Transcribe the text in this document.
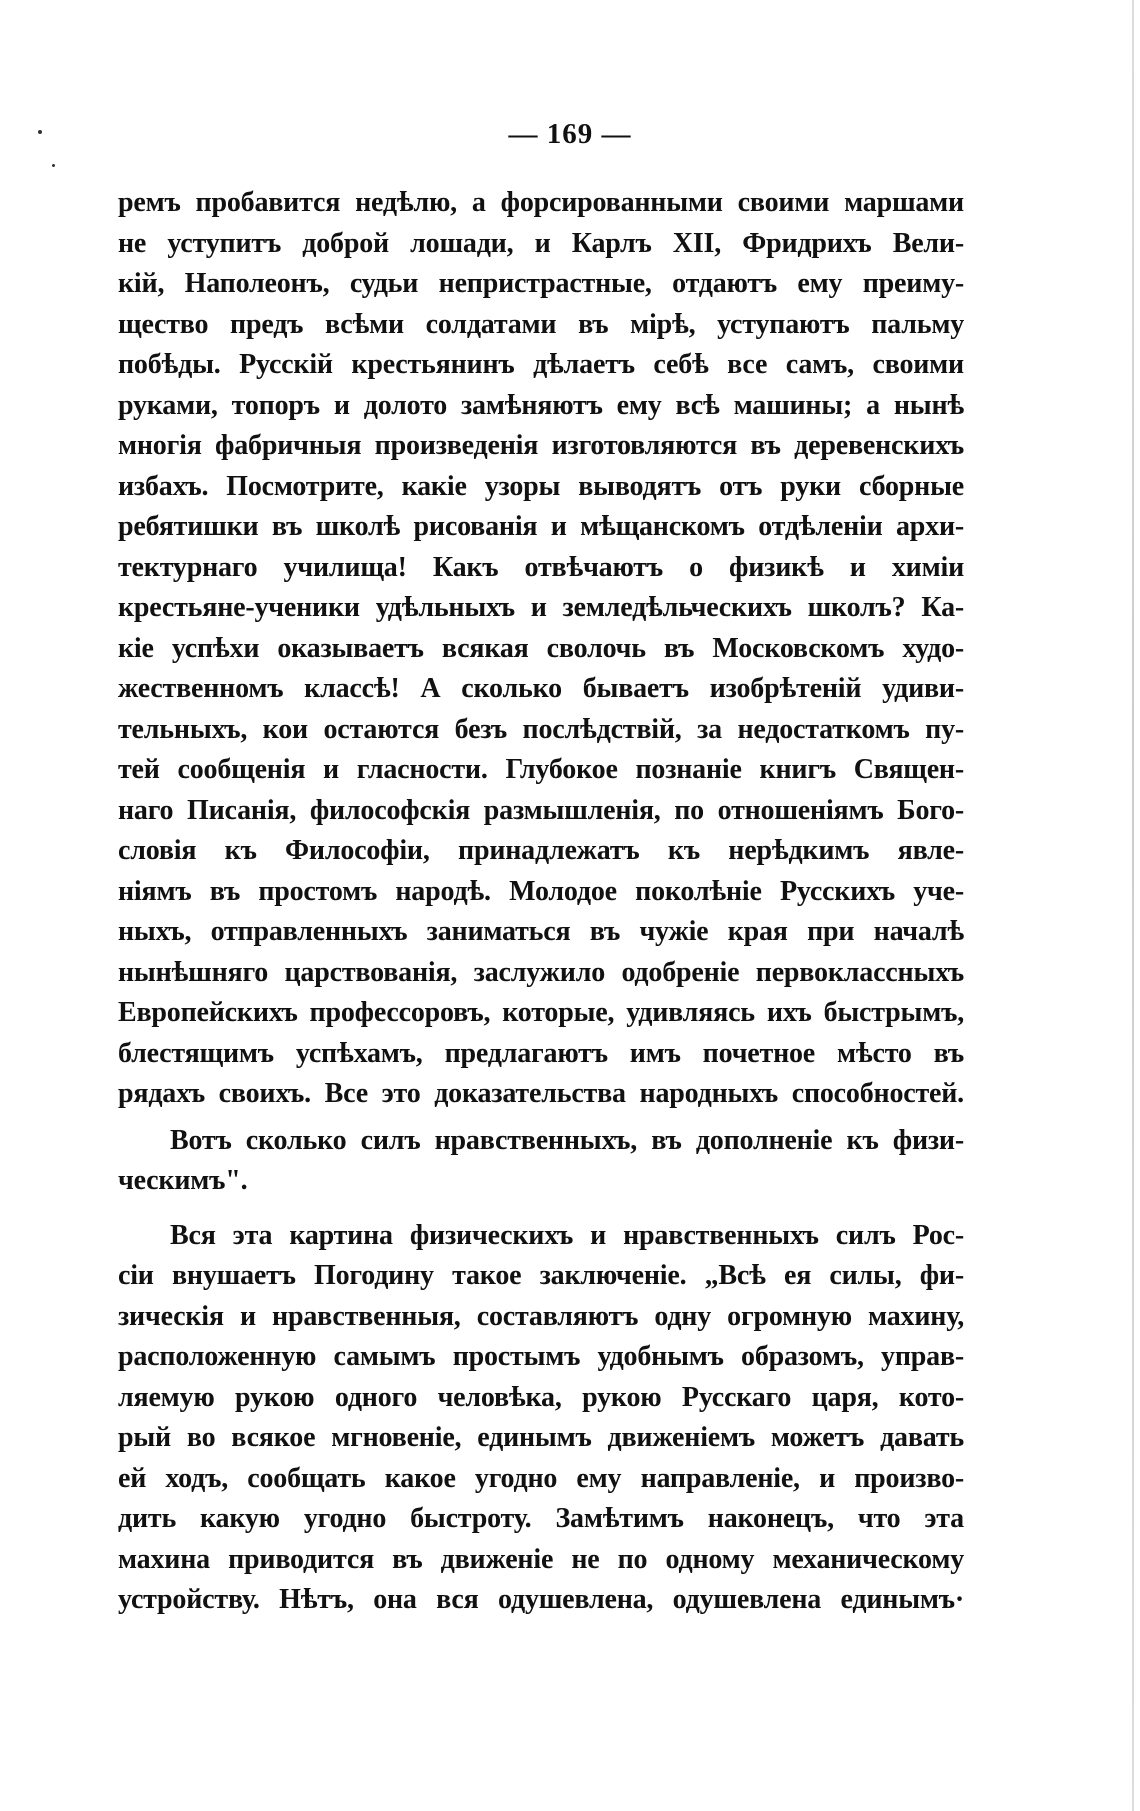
— 169 —
ремъ пробавится недѣлю, а форсированными своими маршами
не уступитъ доброй лошади, и Карлъ XII, Фридрихъ Вели-
кій, Наполеонъ, судьи непристрастные, отдаютъ ему преиму-
щество предъ всѣми солдатами въ мірѣ, уступаютъ пальму
побѣды. Русскій крестьянинъ дѣлаетъ себѣ все самъ, своими
руками, топоръ и долото замѣняютъ ему всѣ машины; а нынѣ
многія фабричныя произведенія изготовляются въ деревенскихъ
избахъ. Посмотрите, какіе узоры выводятъ отъ руки сборные
ребятишки въ школѣ рисованія и мѣщанскомъ отдѣленіи архи-
тектурнаго училища! Какъ отвѣчаютъ о физикѣ и химіи
крестьяне-ученики удѣльныхъ и земледѣльческихъ школъ? Ка-
кіе успѣхи оказываетъ всякая сволочь въ Московскомъ худо-
жественномъ классѣ! А сколько бываетъ изобрѣтеній удиви-
тельныхъ, кои остаются безъ послѣдствій, за недостаткомъ пу-
тей сообщенія и гласности. Глубокое познаніе книгъ Священ-
наго Писанія, философскія размышленія, по отношеніямъ Бого-
словія къ Философіи, принадлежатъ къ нерѣдкимъ явле-
ніямъ въ простомъ народѣ. Молодое поколѣніе Русскихъ уче-
ныхъ, отправленныхъ заниматься въ чужіе края при началѣ
нынѣшняго царствованія, заслужило одобреніе первоклассныхъ
Европейскихъ профессоровъ, которые, удивляясь ихъ быстрымъ,
блестящимъ успѣхамъ, предлагаютъ имъ почетное мѣсто въ
рядахъ своихъ. Все это доказательства народныхъ способностей.
Вотъ сколько силъ нравственныхъ, въ дополненіе къ физи-
ческимъ".
Вся эта картина физическихъ и нравственныхъ силъ Рос-
сіи внушаетъ Погодину такое заключеніе. „Всѣ ея силы, фи-
зическія и нравственныя, составляютъ одну огромную махину,
расположенную самымъ простымъ удобнымъ образомъ, управ-
ляемую рукою одного человѣка, рукою Русскаго царя, кото-
рый во всякое мгновеніе, единымъ движеніемъ можетъ давать
ей ходъ, сообщать какое угодно ему направленіе, и произво-
дить какую угодно быстроту. Замѣтимъ наконецъ, что эта
махина приводится въ движеніе не по одному механическому
устройству. Нѣтъ, она вся одушевлена, одушевлена единымъ·
